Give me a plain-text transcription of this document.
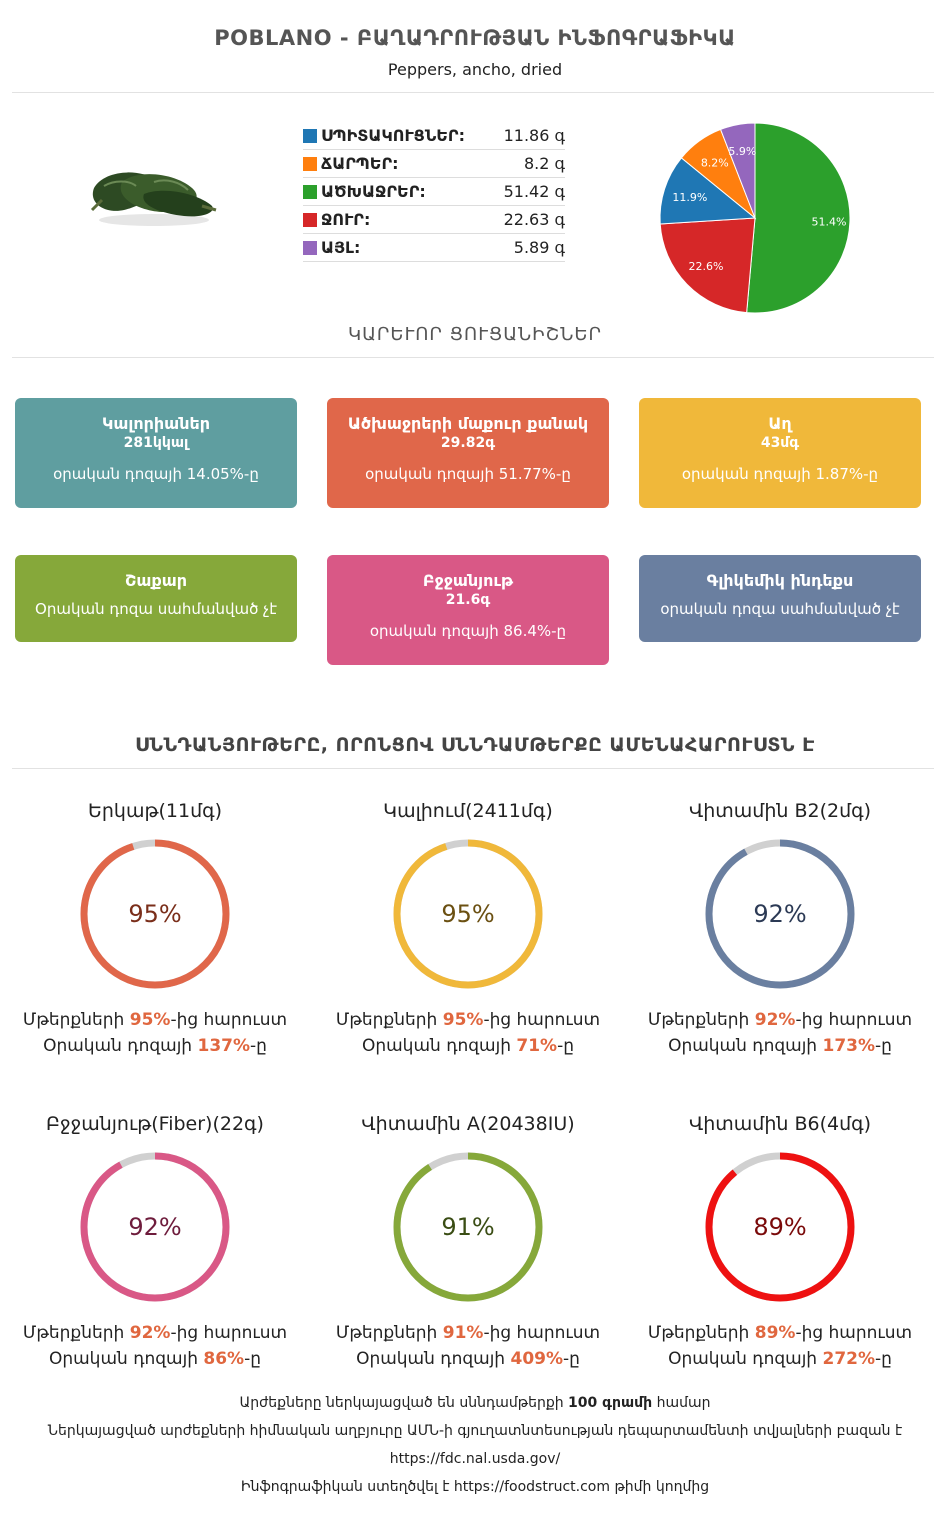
POBLANO - ԲԱՂԱԴՐՈՒԹՅԱՆ ԻՆՖՈԳՐԱՖԻԿԱ
Peppers, ancho, dried
ՍՊԻՏԱԿՈՒՑՆԵՐ:	11.86 գ
ՃԱՐՊԵՐ:	8.2 գ
ԱԾԽԱՋՐԵՐ:	51.42 գ
ՋՈՒՐ:	22.63 գ
ԱՅԼ:	5.89 գ
51.4%
22.6%
11.9%
8.2%
5.9%
ԿԱՐԵՒՈՐ ՑՈՒՑԱՆԻՇՆԵՐ
Կալորիաներ
281կկալ
օրական դոզայի 14.05%-ը
Ածխաջրերի մաքուր քանակ
29.82գ
օրական դոզայի 51.77%-ը
Աղ
43մգ
օրական դոզայի 1.87%-ը
Շաքար
Օրական դոզա սահմանված չէ
Բջջանյութ
21.6գ
օրական դոզայի 86.4%-ը
Գլիկեմիկ ինդեքս
օրական դոզա սահմանված չէ
ՍՆՆԴԱՆՅՈՒԹԵՐԸ, ՈՐՈՆՑՈՎ ՍՆՆԴԱՄԹԵՐՔԸ ԱՄԵՆԱՀԱՐՈՒՍՏՆ Է
Երկաթ(11մգ)
95%
Մթերքների 95%-ից հարուստ
Օրական դոզայի 137%-ը
Կալիում(2411մգ)
95%
Մթերքների 95%-ից հարուստ
Օրական դոզայի 71%-ը
Վիտամին B2(2մգ)
92%
Մթերքների 92%-ից հարուստ
Օրական դոզայի 173%-ը
Բջջանյութ(Fiber)(22գ)
92%
Մթերքների 92%-ից հարուստ
Օրական դոզայի 86%-ը
Վիտամին A(20438IU)
91%
Մթերքների 91%-ից հարուստ
Օրական դոզայի 409%-ը
Վիտամին B6(4մգ)
89%
Մթերքների 89%-ից հարուստ
Օրական դոզայի 272%-ը
Արժեքները ներկայացված են սննդամթերքի 100 գրամի համար
Ներկայացված արժեքների հիմնական աղբյուրը ԱՄՆ-ի գյուղատնտեսության դեպարտամենտի տվյալների բազան է
https://fdc.nal.usda.gov/
Ինֆոգրաֆիկան ստեղծվել է https://foodstruct.com թիմի կողմից
